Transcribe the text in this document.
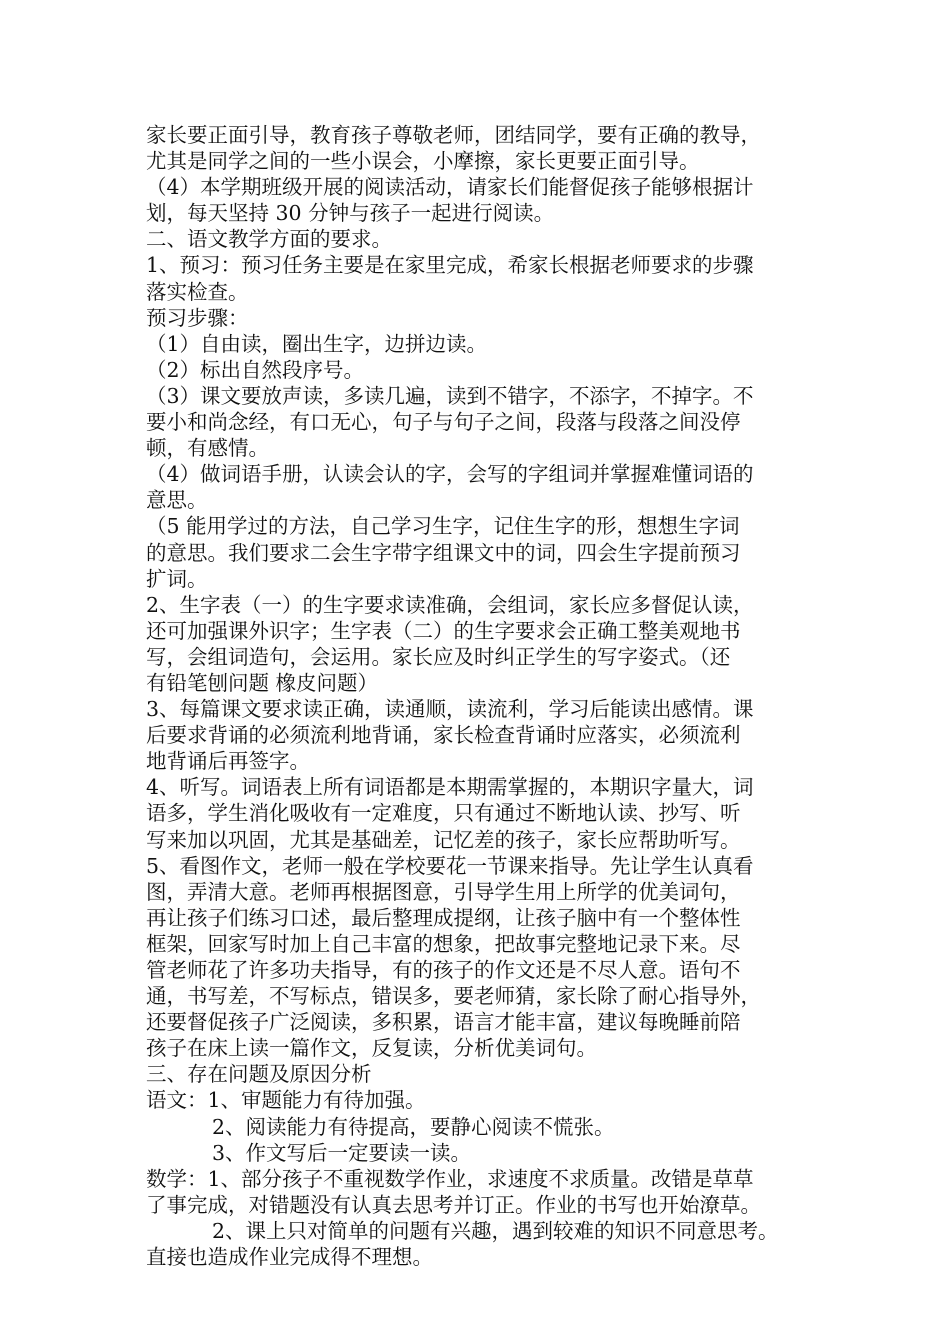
家长要正面引导，教育孩子尊敬老师，团结同学，要有正确的教导，
尤其是同学之间的一些小误会，小摩擦，家长更要正面引导。
（4）本学期班级开展的阅读活动，请家长们能督促孩子能够根据计
划，每天坚持 30 分钟与孩子一起进行阅读。
二、语文教学方面的要求。
1、预习：预习任务主要是在家里完成，希家长根据老师要求的步骤
落实检查。
预习步骤：
（1）自由读，圈出生字，边拼边读。
（2）标出自然段序号。
（3）课文要放声读，多读几遍，读到不错字，不添字，不掉字。不
要小和尚念经，有口无心，句子与句子之间，段落与段落之间没停
顿，有感情。
（4）做词语手册，认读会认的字，会写的字组词并掌握难懂词语的
意思。
（5 能用学过的方法，自己学习生字，记住生字的形，想想生字词
的意思。我们要求二会生字带字组课文中的词，四会生字提前预习
扩词。
2、生字表（一）的生字要求读准确，会组词，家长应多督促认读，
还可加强课外识字；生字表（二）的生字要求会正确工整美观地书
写，会组词造句，会运用。家长应及时纠正学生的写字姿式。（还
有铅笔刨问题 橡皮问题）
3、每篇课文要求读正确，读通顺，读流利，学习后能读出感情。课
后要求背诵的必须流利地背诵，家长检查背诵时应落实，必须流利
地背诵后再签字。
4、听写。词语表上所有词语都是本期需掌握的，本期识字量大，词
语多，学生消化吸收有一定难度，只有通过不断地认读、抄写、听
写来加以巩固，尤其是基础差，记忆差的孩子，家长应帮助听写。
5、看图作文，老师一般在学校要花一节课来指导。先让学生认真看
图，弄清大意。老师再根据图意，引导学生用上所学的优美词句，
再让孩子们练习口述，最后整理成提纲，让孩子脑中有一个整体性
框架，回家写时加上自己丰富的想象，把故事完整地记录下来。尽
管老师花了许多功夫指导，有的孩子的作文还是不尽人意。语句不
通，书写差，不写标点，错误多，要老师猜，家长除了耐心指导外，
还要督促孩子广泛阅读，多积累，语言才能丰富，建议每晚睡前陪
孩子在床上读一篇作文，反复读，分析优美词句。
三、存在问题及原因分析
语文：1、审题能力有待加强。
2、阅读能力有待提高，要静心阅读不慌张。
3、作文写后一定要读一读。
数学：1、部分孩子不重视数学作业，求速度不求质量。改错是草草
了事完成，对错题没有认真去思考并订正。作业的书写也开始潦草。
2、课上只对简单的问题有兴趣，遇到较难的知识不同意思考。
直接也造成作业完成得不理想。
